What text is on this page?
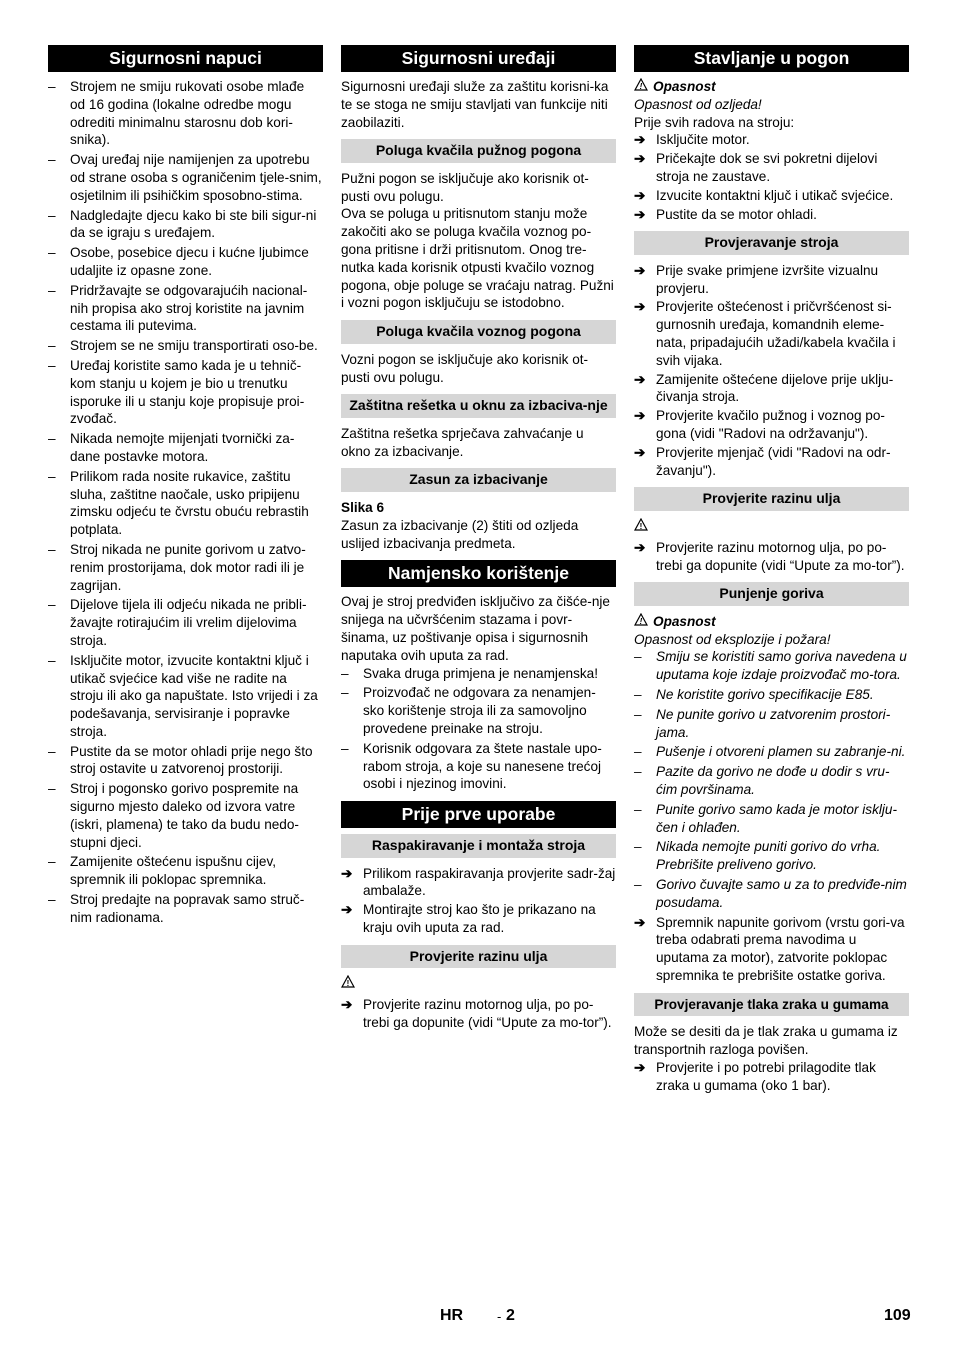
Sigurnosni napuci
– Strojem ne smiju rukovati osobe mlađe od 16 godina (lokalne odredbe mogu odrediti minimalnu starosnu dob kori-snika).
– Ovaj uređaj nije namijenjen za upotrebu od strane osoba s ograničenim tjele-snim, osjetilnim ili psihičkim sposobno-stima.
– Nadgledajte djecu kako bi ste bili sigur-ni da se igraju s uređajem.
– Osobe, posebice djecu i kućne ljubimce udaljite iz opasne zone.
– Pridržavajte se odgovarajućih nacional-nih propisa ako stroj koristite na javnim cestama ili putevima.
– Strojem se ne smiju transportirati oso-be.
– Uređaj koristite samo kada je u tehnič-kom stanju u kojem je bio u trenutku isporuke ili u stanju koje propisuje proi-zvođač.
– Nikada nemojte mijenjati tvornički za-dane postavke motora.
– Prilikom rada nosite rukavice, zaštitu sluha, zaštitne naočale, usko pripijenu zimsku odjeću te čvrstu obuću rebrastih potplata.
– Stroj nikada ne punite gorivom u zatvo-renim prostorijama, dok motor radi ili je zagrijan.
– Dijelove tijela ili odjeću nikada ne pribli-žavajte rotirajućim ili vrelim dijelovima stroja.
– Isključite motor, izvucite kontaktni ključ i utikač svjećice kad više ne radite na stroju ili ako ga napuštate. Isto vrijedi i za podešavanja, servisiranje i popravke stroja.
– Pustite da se motor ohladi prije nego što stroj ostavite u zatvorenoj prostoriji.
– Stroj i pogonsko gorivo pospremite na sigurno mjesto daleko od izvora vatre (iskri, plamena) te tako da budu nedo-stupni djeci.
– Zamijenite oštećenu ispušnu cijev, spremnik ili poklopac spremnika.
– Stroj predajte na popravak samo struč-nim radionama.
Sigurnosni uređaji

Sigurnosni uređaji služe za zaštitu korisni-ka te se stoga ne smiju stavljati van funkcije niti zaobilaziti.

Poluga kvačila pužnog pogona

Pužni pogon se isključuje ako korisnik ot-pusti ovu polugu.
Ova se poluga u pritisnutom stanju može zakočiti ako se poluga kvačila voznog po-gona pritisne i drži pritisnutom. Onog tre-nutka kada korisnik otpusti kvačilo voznog pogona, obje poluge se vraćaju natrag. Pužni i vozni pogon isključuju se istodobno.

Poluga kvačila voznog pogona

Vozni pogon se isključuje ako korisnik ot-pusti ovu polugu.

Zaštitna rešetka u oknu za izbaciva-nje

Zaštitna rešetka sprječava zahvaćanje u okno za izbacivanje.

Zasun za izbacivanje

Slika 6

Zasun za izbacivanje (2) štiti od ozljeda uslijed izbacivanja predmeta.

Namjensko korištenje

Ovaj je stroj predviđen isključivo za čišće-nje snijega na učvršćenim stazama i povr-šinama, uz poštivanje opisa i sigurnosnih naputaka ovih uputa za rad.

– Svaka druga primjena je nenamjenska!
– Proizvođač ne odgovara za nenamjen-sko korištenje stroja ili za samovoljno provedene preinake na stroju.
– Korisnik odgovara za štete nastale upo-rabom stroja, a koje su nanesene trećoj osobi i njezinog imovini.
Prije prve uporabe
Raspakiravanje i montaža stroja
➔ Prilikom raspakiravanja provjerite sadr-žaj ambalaže.
➔ Montirajte stroj kao što je prikazano na kraju ovih uputa za rad.
Provjerite razinu ulja
!
➔ Provjerite razinu motornog ulja, po po-trebi ga dopunite (vidi “Upute za mo-tor”).
Stavljanje u pogon
! Opasnost

Opasnost od ozljeda!

Prije svih radova na stroju:

➔ Isključite motor.
➔ Pričekajte dok se svi pokretni dijelovi stroja ne zaustave.
➔ Izvucite kontaktni ključ i utikač svjećice.
➔ Pustite da se motor ohladi.
Provjeravanje stroja
➔ Prije svake primjene izvršite vizualnu provjeru.
➔ Provjerite oštećenost i pričvršćenost si-gurnosnih uređaja, komandnih eleme-nata, pripadajućih užadi/kabela kvačila i svih vijaka.
➔ Zamijenite oštećene dijelove prije uklju-čivanja stroja.
➔ Provjerite kvačilo pužnog i voznog po-gona (vidi "Radovi na održavanju").
➔ Provjerite mjenjač (vidi "Radovi na odr-žavanju").
Provjerite razinu ulja
!
➔ Provjerite razinu motornog ulja, po po-trebi ga dopunite (vidi “Upute za mo-tor”).
Punjenje goriva
! Opasnost

Opasnost od eksplozije i požara!

– Smiju se koristiti samo goriva navedena u uputama koje izdaje proizvođač mo-tora.
– Ne koristite gorivo specifikacije E85.
– Ne punite gorivo u zatvorenim prostori-jama.
– Pušenje i otvoreni plamen su zabranje-ni.
– Pazite da gorivo ne dođe u dodir s vru-ćim površinama.
– Punite gorivo samo kada je motor isklju-čen i ohlađen.
– Nikada nemojte puniti gorivo do vrha. Prebrišite preliveno gorivo.
– Gorivo čuvajte samo u za to predviđe-nim posudama.
➔ Spremnik napunite gorivom (vrstu gori-va treba odabrati prema navodima u uputama za motor), zatvorite poklopac spremnika te prebrišite ostatke goriva.
Provjeravanje tlaka zraka u gumama

Može se desiti da je tlak zraka u gumama iz transportnih razloga povišen.

➔ Provjerite i po potrebi prilagodite tlak zraka u gumama (oko 1 bar).
HR	- 2	109
